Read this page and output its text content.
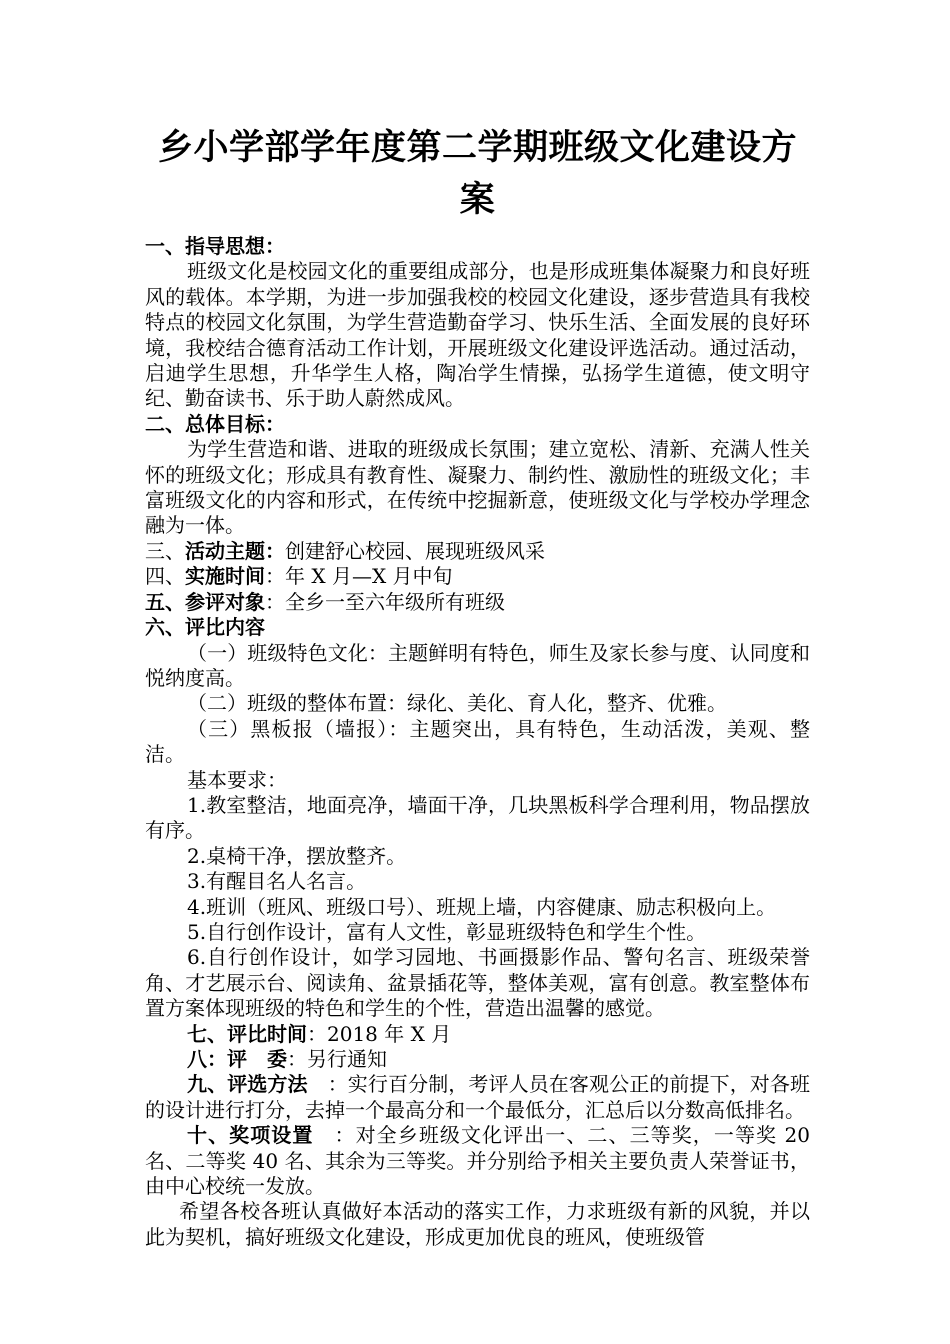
乡小学部学年度第二学期班级文化建设方
案

一、指导思想：

班级文化是校园文化的重要组成部分，也是形成班集体凝聚力和良好班风的载体。本学期，为进一步加强我校的校园文化建设，逐步营造具有我校特点的校园文化氛围，为学生营造勤奋学习、快乐生活、全面发展的良好环境，我校结合德育活动工作计划，开展班级文化建设评选活动。通过活动，启迪学生思想，升华学生人格，陶冶学生情操，弘扬学生道德，使文明守纪、勤奋读书、乐于助人蔚然成风。

二、总体目标：

为学生营造和谐、进取的班级成长氛围；建立宽松、清新、充满人性关怀的班级文化；形成具有教育性、凝聚力、制约性、激励性的班级文化；丰富班级文化的内容和形式，在传统中挖掘新意，使班级文化与学校办学理念融为一体。

三、活动主题：创建舒心校园、展现班级风采

四、实施时间：年 X 月—X 月中旬

五、参评对象：全乡一至六年级所有班级

六、评比内容

（一）班级特色文化：主题鲜明有特色，师生及家长参与度、认同度和悦纳度高。

（二）班级的整体布置：绿化、美化、育人化，整齐、优雅。

（三）黑板报（墙报）：主题突出，具有特色，生动活泼，美观、整洁。

基本要求：

1.教室整洁，地面亮净，墙面干净，几块黑板科学合理利用，物品摆放有序。

2.桌椅干净，摆放整齐。

3.有醒目名人名言。

4.班训（班风、班级口号）、班规上墙，内容健康、励志积极向上。

5.自行创作设计，富有人文性，彰显班级特色和学生个性。

6.自行创作设计，如学习园地、书画摄影作品、警句名言、班级荣誉角、才艺展示台、阅读角、盆景插花等，整体美观，富有创意。教室整体布置方案体现班级的特色和学生的个性，营造出温馨的感觉。

七、评比时间：2018 年 X 月

八：评　委：另行通知

九、评选方法　：实行百分制，考评人员在客观公正的前提下，对各班的设计进行打分，去掉一个最高分和一个最低分，汇总后以分数高低排名。

十、奖项设置　：对全乡班级文化评出一、二、三等奖，一等奖 20 名、二等奖 40 名、其余为三等奖。并分别给予相关主要负责人荣誉证书，由中心校统一发放。

希望各校各班认真做好本活动的落实工作，力求班级有新的风貌，并以此为契机，搞好班级文化建设，形成更加优良的班风，使班级管
